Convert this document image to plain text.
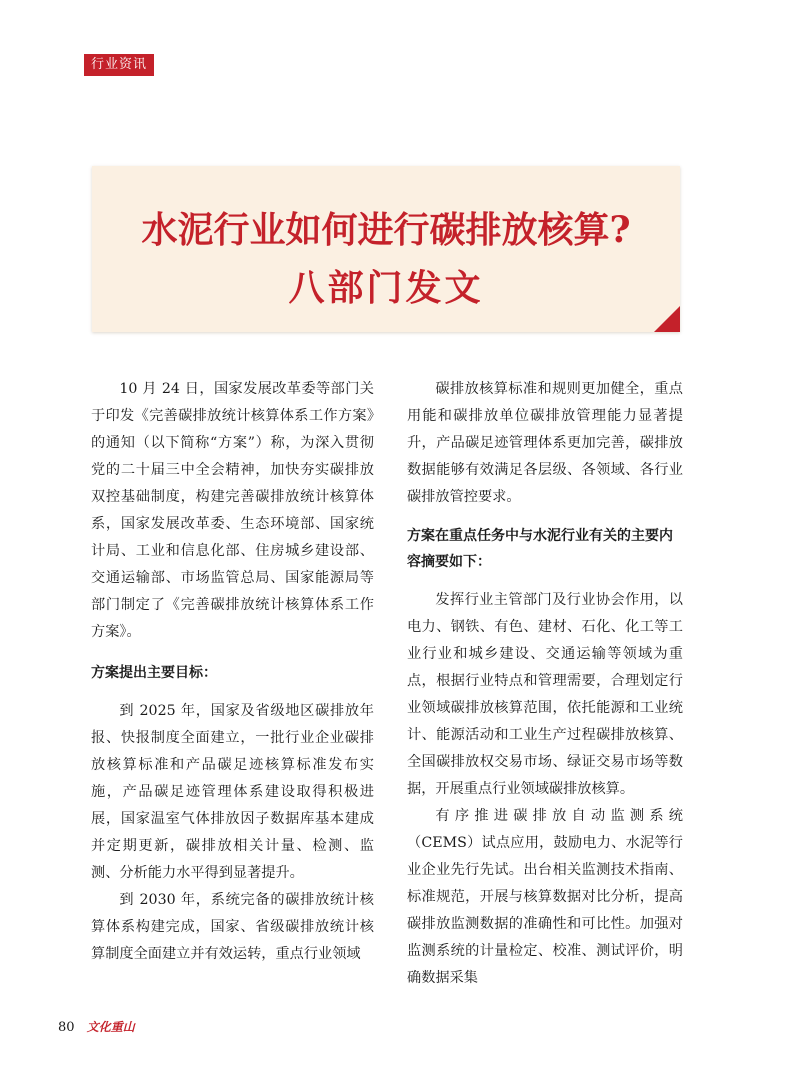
行业资讯
水泥行业如何进行碳排放核算?
八部门发文

10 月 24 日，国家发展改革委等部门关于印发《完善碳排放统计核算体系工作方案》的通知（以下简称“方案”）称，为深入贯彻党的二十届三中全会精神，加快夯实碳排放双控基础制度，构建完善碳排放统计核算体系，国家发展改革委、生态环境部、国家统计局、工业和信息化部、住房城乡建设部、交通运输部、市场监管总局、国家能源局等部门制定了《完善碳排放统计核算体系工作方案》。

方案提出主要目标：

到 2025 年，国家及省级地区碳排放年报、快报制度全面建立，一批行业企业碳排放核算标准和产品碳足迹核算标准发布实施，产品碳足迹管理体系建设取得积极进展，国家温室气体排放因子数据库基本建成并定期更新，碳排放相关计量、检测、监测、分析能力水平得到显著提升。

到 2030 年，系统完备的碳排放统计核算体系构建完成，国家、省级碳排放统计核算制度全面建立并有效运转，重点行业领域

碳排放核算标准和规则更加健全，重点用能和碳排放单位碳排放管理能力显著提升，产品碳足迹管理体系更加完善，碳排放数据能够有效满足各层级、各领域、各行业碳排放管控要求。

方案在重点任务中与水泥行业有关的主要内容摘要如下：

发挥行业主管部门及行业协会作用，以电力、钢铁、有色、建材、石化、化工等工业行业和城乡建设、交通运输等领域为重点，根据行业特点和管理需要，合理划定行业领域碳排放核算范围，依托能源和工业统计、能源活动和工业生产过程碳排放核算、全国碳排放权交易市场、绿证交易市场等数据，开展重点行业领域碳排放核算。

有序推进碳排放自动监测系统（CEMS）试点应用，鼓励电力、水泥等行业企业先行先试。出台相关监测技术指南、标准规范，开展与核算数据对比分析，提高碳排放监测数据的准确性和可比性。加强对监测系统的计量检定、校准、测试评价，明确数据采集

80 文化重山
